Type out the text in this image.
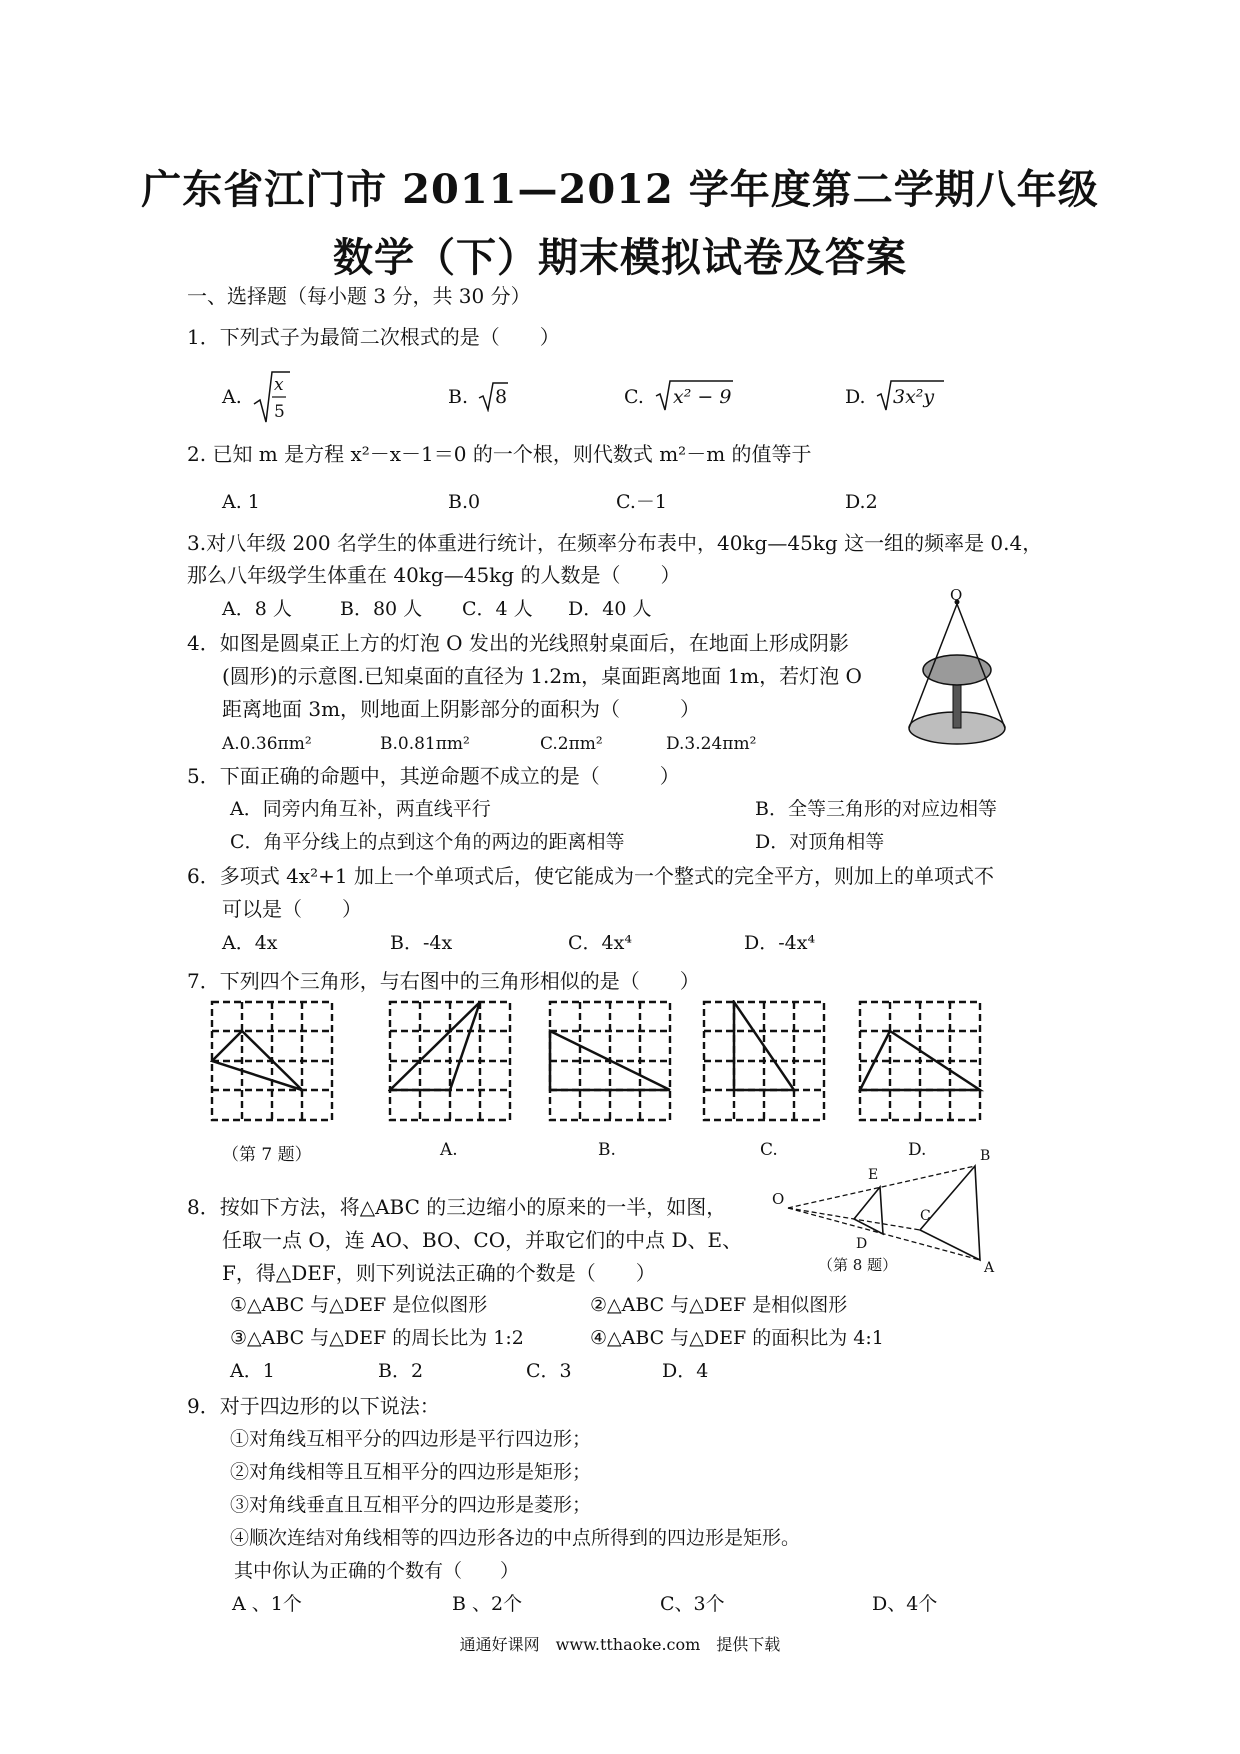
广东省江门市 2011—2012 学年度第二学期八年级
数学（下）期末模拟试卷及答案
一、选择题（每小题 3 分，共 30 分）
1．下列式子为最简二次根式的是（　　）
A.
x
5
B. 8	C. x² − 9	D. 3x²y
2. 已知 m 是方程 x²－x－1＝0 的一个根，则代数式 m²－m 的值等于
A. 1	B.0	C.－1	D.2
3.对八年级 200 名学生的体重进行统计，在频率分布表中，40kg—45kg 这一组的频率是 0.4，
那么八年级学生体重在 40kg—45kg 的人数是（　　）
A．8 人	B．80 人 C．4 人 D．40 人
4．如图是圆桌正上方的灯泡 O 发出的光线照射桌面后，在地面上形成阴影
(圆形)的示意图.已知桌面的直径为 1.2m，桌面距离地面 1m，若灯泡 O
距离地面 3m，则地面上阴影部分的面积为（　　　）
A.0.36πm²	B.0.81πm²	C.2πm²	D.3.24πm²
O
5．下面正确的命题中，其逆命题不成立的是（　　　）
A．同旁内角互补，两直线平行	B．全等三角形的对应边相等
C．角平分线上的点到这个角的两边的距离相等	D．对顶角相等
6．多项式 4x²+1 加上一个单项式后，使它能成为一个整式的完全平方，则加上的单项式不
可以是（　　）
A．4x	B．-4x	C．4x⁴	D．-4x⁴
7．下列四个三角形，与右图中的三角形相似的是（　　）
（第 7 题）	A.	B.	C.	D.
8．按如下方法，将△ABC 的三边缩小的原来的一半，如图，
任取一点 O，连 AO、BO、CO，并取它们的中点 D、E、
F，得△DEF，则下列说法正确的个数是（　　）
O
E
D
C
B
A
（第 8 题）
①△ABC 与△DEF 是位似图形	②△ABC 与△DEF 是相似图形
③△ABC 与△DEF 的周长比为 1:2	④△ABC 与△DEF 的面积比为 4:1
A．1	B．2	C．3	D．4
9．对于四边形的以下说法：
①对角线互相平分的四边形是平行四边形；
②对角线相等且互相平分的四边形是矩形；
③对角线垂直且互相平分的四边形是菱形；
④顺次连结对角线相等的四边形各边的中点所得到的四边形是矩形。
其中你认为正确的个数有（　　）
A 、1个	B 、2个	C、3个	D、4个
通通好课网　www.tthaoke.com　提供下载
